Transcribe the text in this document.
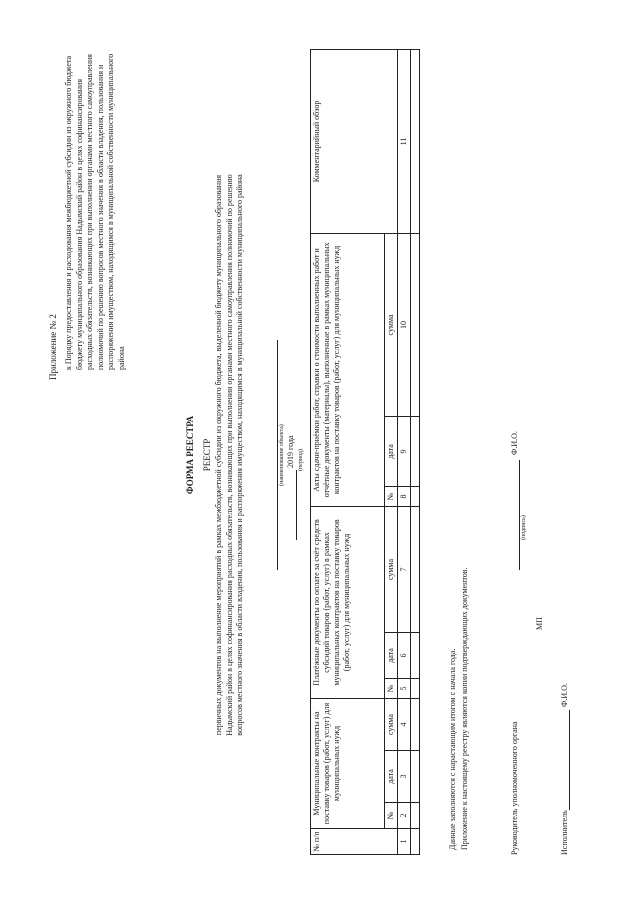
Приложение № 2 к Порядку предоставления и расходования межбюджетной субсидии из окружного бюджета бюджету муниципального образования Надымский район в целях софинансирования расходных обязательств, возникающих при выполнении органами местного самоуправления полномочий по решению вопросов местного значения в области владения, пользования и распоряжения имуществом, находящимся в муниципальной собственности муниципального района

ФОРМА РЕЕСТРА РЕЕСТР первичных документов на выполнение мероприятий в рамках межбюджетной субсидии из окружного бюджета, выделенной бюджету муниципального образования Надымский район в целях софинансирования расходных обязательств, возникающих при выполнении органами местного самоуправления полномочий по решению вопросов местного значения в области владения, пользования и распоряжения имуществом, находящимся в муниципальной собственности муниципального района	(наименование объекта) 2019 года (период)

№ п/п	Муниципальные контракты на поставку товаров (работ, услуг) для муниципальных нужд			Платёжные документы по оплате за счёт средств субсидий товаров (работ, услуг) в рамках муниципальных контрактов на поставку товаров (работ, услуг) для муниципальных нужд			Акты сдачи-приёмки работ, справки о стоимости выполненных работ и отчётные документы (материалы), выполненные в рамках муниципальных контрактов на поставку товаров (работ, услуг) для муниципальных нужд			Комментарийный обзор
	№	дата	сумма	№	дата	сумма	№	дата	сумма	
1	2	3	4	5	6	7	8	9	10	11

Данные заполняются с нарастающим итогом с начала года. Приложение к настоящему реестру являются копии подтверждающих документов.	Руководитель уполномоченного органа

Ф.И.О.

(подпись)

МП

Исполнитель

Ф.И.О.
